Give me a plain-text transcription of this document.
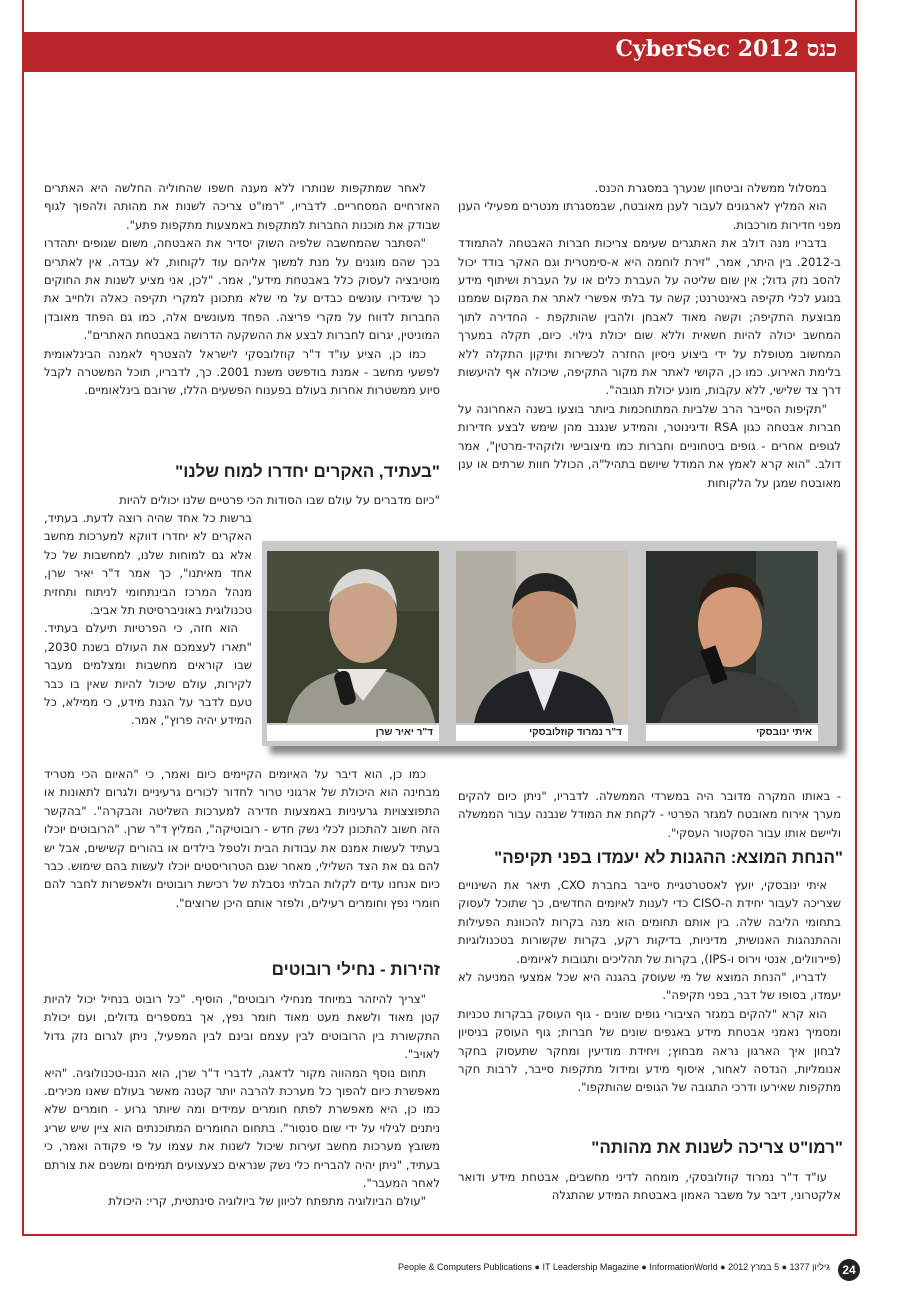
כנס CyberSec 2012

במסלול ממשלה וביטחון שנערך במסגרת הכנס.

הוא המליץ לארגונים לעבור לענן מאובטח, שבמסגרתו מנטרים מפעילי הענן מפני חדירות מורכבות.

בדבריו מנה דולב את האתגרים שעימם צריכות חברות האבטחה להתמודד ב-2012. בין היתר, אמר, "זירת לוחמה היא א-סימטרית וגם האקר בודד יכול להסב נזק גדול; אין שום שליטה על העברת כלים או על העברת ושיתוף מידע בנוגע לכלי תקיפה באינטרנט; קשה עד בלתי אפשרי לאתר את המקום שממנו מבוצעת התקיפה; וקשה מאוד לאבחן ולהבין שהותקפת - החדירה לתוך המחשב יכולה להיות חשאית וללא שום יכולת גילוי. כיום, תקלה במערך המחשוב מטופלת על ידי ביצוע ניסיון החזרה לכשירות ותיקון התקלה ללא בלימת האירוע. כמו כן, הקושי לאתר את מקור התקיפה, שיכולה אף להיעשות דרך צד שלישי, ללא עקבות, מונע יכולת תגובה".

"תקיפות הסייבר הרב שלביות המתוחכמות ביותר בוצעו בשנה האחרונה על חברות אבטחה כגון RSA ודיגינוטר, והמידע שנגנב מהן שימש לבצע חדירות לגופים אחרים - גופים ביטחוניים וחברות כמו מיצובישי ולוקהיד-מרטין", אמר דולב. "הוא קרא לאמץ את המודל שיושם בתהיל"ה, הכולל חוות שרתים או ענן מאובטח שמגן על הלקוחות

לאחר שמתקפות שנותרו ללא מענה חשפו שהחוליה החלשה היא האתרים האזרחיים המסחריים. לדבריו, "רמו"ט צריכה לשנות את מהותה ולהפוך לגוף שבודק את מוכנות החברות למתקפות באמצעות מתקפות פתע".

"הסתבר שהמחשבה שלפיה השוק יסדיר את האבטחה, משום שגופים יתהדרו בכך שהם מוגנים על מנת למשוך אליהם עוד לקוחות, לא עבדה. אין לאתרים מוטיבציה לעסוק כלל באבטחת מידע", אמר. "לכן, אני מציע לשנות את החוקים כך שיגדירו עונשים כבדים על מי שלא מתכונן למקרי תקיפה כאלה ולחייב את החברות לדווח על מקרי פריצה. הפחד מעונשים אלה, כמו גם הפחד מאובדן המוניטין, יגרום לחברות לבצע את ההשקעה הדרושה באבטחת האתרים".

כמו כן, הציע עו"ד ד"ר קוזלובסקי לישראל להצטרף לאמנה הבינלאומית לפשעי מחשב - אמנת בודפשט משנת 2001. כך, לדבריו, תוכל המשטרה לקבל סיוע ממשטרות אחרות בעולם בפענוח הפשעים הללו, שרובם בינלאומיים.

"בעתיד, האקרים יחדרו למוח שלנו"

"כיום מדברים על עולם שבו הסודות הכי פרטיים שלנו יכולים להיות

ברשות כל אחד שהיה רוצה לדעת. בעתיד, האקרים לא יחדרו דווקא למערכות מחשב אלא גם למוחות שלנו, למחשבות של כל אחד מאיתנו", כך אמר ד"ר יאיר שרן, מנהל המרכז הבינתחומי לניתוח ותחזית טכנולוגית באוניברסיטת תל אביב.

הוא חזה, כי הפרטיות תיעלם בעתיד. "תארו לעצמכם את העולם בשנת 2030, שבו קוראים מחשבות ומצלמים מעבר לקירות, עולם שיכול להיות שאין בו כבר טעם לדבר על הגנת מידע, כי ממילא, כל המידע יהיה פרוץ", אמר.

כמו כן, הוא דיבר על האיומים הקיימים כיום ואמר, כי "האיום הכי מטריד מבחינה הוא היכולת של ארגוני טרור לחדור לכורים גרעיניים ולגרום לתאונות או התפוצצויות גרעיניות באמצעות חדירה למערכות השליטה והבקרה". "בהקשר הזה חשוב להתכונן לכלי נשק חדש - רובוטיקה", המליץ ד"ר שרן. "הרובוטים יוכלו בעתיד לעשות אמנם את עבודות הבית ולטפל בילדים או בהורים קשישים, אבל יש להם גם את הצד השלילי, מאחר שגם הטרוריסטים יוכלו לעשות בהם שימוש. כבר כיום אנחנו עדים לקלות הבלתי נסבלת של רכישת רובוטים ולאפשרות לחבר להם חומרי נפץ וחומרים רעילים, ולפזר אותם היכן שרוצים".

זהירות - נחילי רובוטים

"צריך להיזהר במיוחד מנחילי רובוטים", הוסיף. "כל רובוט בנחיל יכול להיות קטן מאוד ולשאת מעט מאוד חומר נפץ, אך במספרים גדולים, ועם יכולת התקשורת בין הרובוטים לבין עצמם ובינם לבין המפעיל, ניתן לגרום נזק גדול לאויב".

תחום נוסף המהווה מקור לדאגה, לדברי ד"ר שרן, הוא הננו-טכנולוגיה. "היא מאפשרת כיום להפוך כל מערכת להרבה יותר קטנה מאשר בעולם שאנו מכירים. כמו כן, היא מאפשרת לפתח חומרים עמידים ומה שיותר גרוע - חומרים שלא ניתנים לגילוי על ידי שום סנסור". בתחום החומרים המתוכנתים הוא ציין שיש שריג משובץ מערכות מחשב זעירות שיכול לשנות את עצמו על פי פקודה ואמר, כי בעתיד, "ניתן יהיה להבריח כלי נשק שנראים כצעצועים תמימים ומשנים את צורתם לאחר המעבר".

"עולם הביולוגיה מתפתח לכיוון של ביולוגיה סינתטית, קרי: היכולת

ד"ר יאיר שרן	ד"ר נמרוד קוזלובסקי	איתי ינובסקי

- באותו המקרה מדובר היה במשרדי הממשלה. לדבריו, "ניתן כיום להקים מערך אירוח מאובטח למגזר הפרטי - לקחת את המודל שנבנה עבור הממשלה וליישם אותו עבור הסקטור העסקי".

"הנחת המוצא: ההגנות לא יעמדו בפני תקיפה"

איתי ינובסקי, יועץ לאסטרטגיית סייבר בחברת CXO, תיאר את השינויים שצריכה לעבור יחידת ה-CISO כדי לענות לאיומים החדשים, כך שתוכל לעסוק בתחומי הליבה שלה. בין אותם תחומים הוא מנה בקרות להכוונת הפעילות וההתנהגות האנושית, מדיניות, בדיקות רקע, בקרות שקשורות בטכנולוגיות (פיירוולים, אנטי וירוס ו-IPS), בקרות של תהליכים ותגובות לאיומים.

לדבריו, "הנחת המוצא של מי שעוסק בהגנה היא שכל אמצעי המניעה לא יעמדו, בסופו של דבר, בפני תקיפה".

הוא קרא "להקים במגזר הציבורי גופים שונים - גוף העוסק בבקרות טכניות ומסמיך נאמני אבטחת מידע באגפים שונים של חברות; גוף העוסק בניסיון לבחון איך הארגון נראה מבחוץ; ויחידת מודיעין ומחקר שתעסוק בחקר אנומליות, הנדסה לאחור, איסוף מידע ומידול מתקפות סייבר, לרבות חקר מתקפות שאירעו ודרכי התגובה של הגופים שהותקפו".

"רמו"ט צריכה לשנות את מהותה"

עו"ד ד"ר נמרוד קוזלובסקי, מומחה לדיני מחשבים, אבטחת מידע ודואר אלקטרוני, דיבר על משבר האמון באבטחת המידע שהתגלה

People & Computers Publications ● IT Leadership Magazine ● InformationWorld ● 2012 גיליון 1377 ● 5 במרץ	24
